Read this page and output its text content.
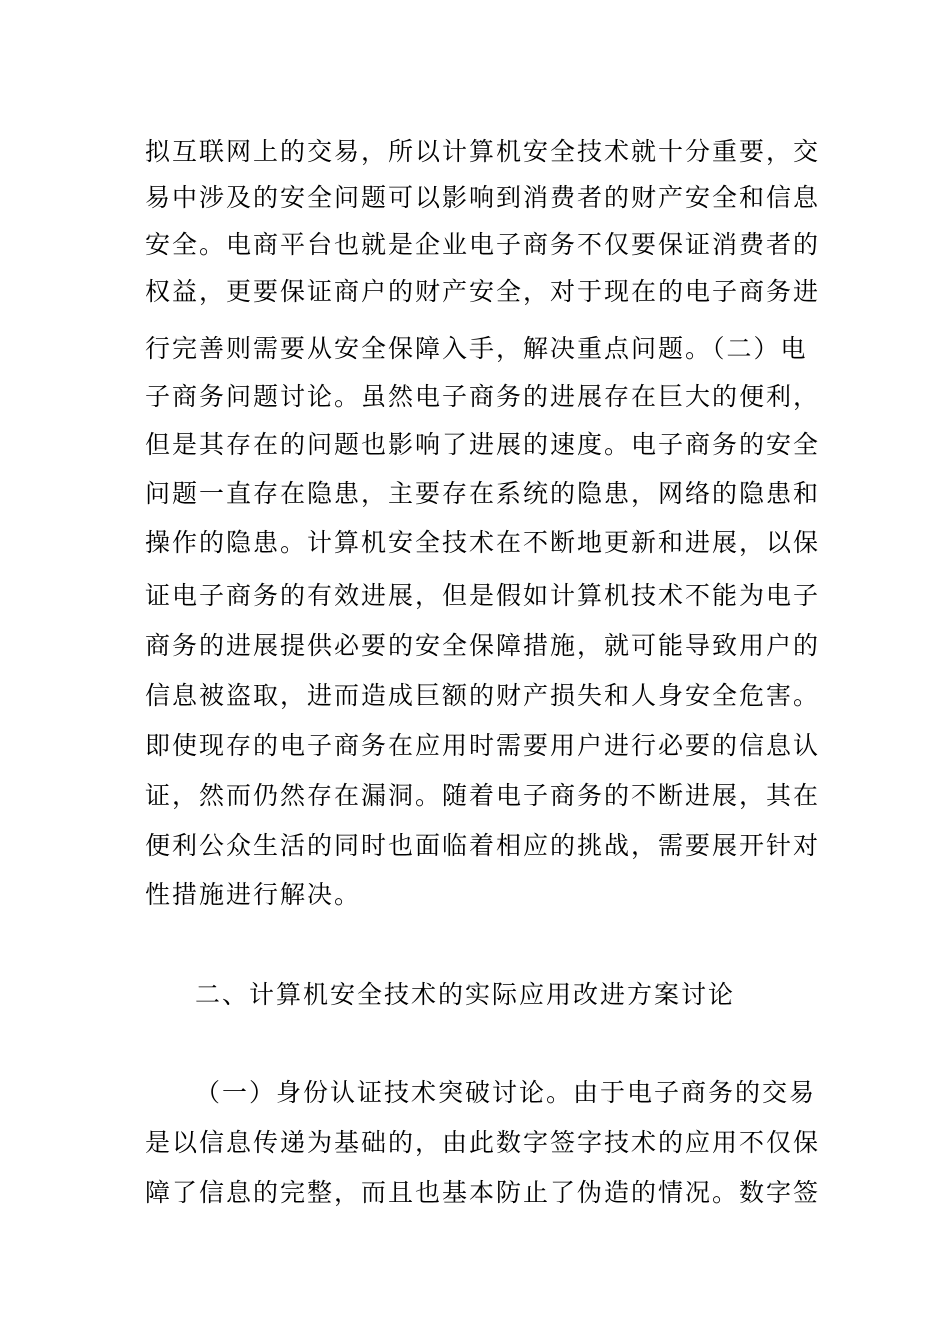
拟互联网上的交易，所以计算机安全技术就十分重要，交
易中涉及的安全问题可以影响到消费者的财产安全和信息
安全。电商平台也就是企业电子商务不仅要保证消费者的
权益，更要保证商户的财产安全，对于现在的电子商务进
行完善则需要从安全保障入手，解决重点问题。（二）电
子商务问题讨论。虽然电子商务的进展存在巨大的便利，
但是其存在的问题也影响了进展的速度。电子商务的安全
问题一直存在隐患，主要存在系统的隐患，网络的隐患和
操作的隐患。计算机安全技术在不断地更新和进展，以保
证电子商务的有效进展，但是假如计算机技术不能为电子
商务的进展提供必要的安全保障措施，就可能导致用户的
信息被盗取，进而造成巨额的财产损失和人身安全危害。
即使现存的电子商务在应用时需要用户进行必要的信息认
证，然而仍然存在漏洞。随着电子商务的不断进展，其在
便利公众生活的同时也面临着相应的挑战，需要展开针对
性措施进行解决。
二、计算机安全技术的实际应用改进方案讨论
（一）身份认证技术突破讨论。由于电子商务的交易
是以信息传递为基础的，由此数字签字技术的应用不仅保
障了信息的完整，而且也基本防止了伪造的情况。数字签
